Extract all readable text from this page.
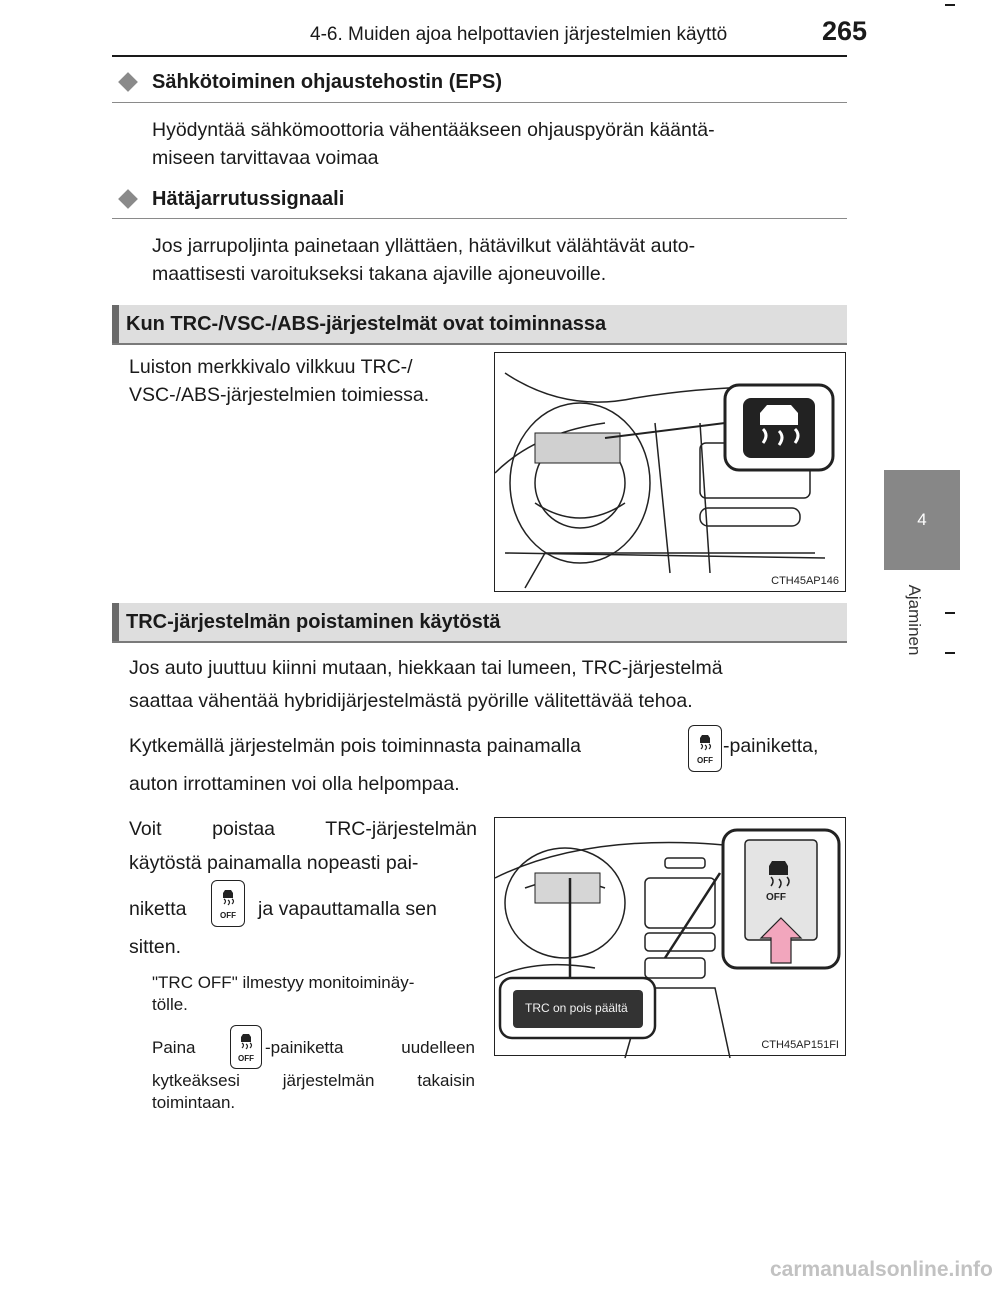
4-6. Muiden ajoa helpottavien järjestelmien käyttö	265
4
Ajaminen
Sähkötoiminen ohjaustehostin (EPS)
Hyödyntää sähkömoottoria vähentääkseen ohjauspyörän kääntä-
miseen tarvittavaa voimaa
Hätäjarrutussignaali
Jos jarrupoljinta painetaan yllättäen, hätävilkut välähtävät auto-
maattisesti varoitukseksi takana ajaville ajoneuvoille.
Kun TRC-/VSC-/ABS-järjestelmät ovat toiminnassa
Luiston merkkivalo vilkkuu TRC-/
VSC-/ABS-järjestelmien toimiessa.
CTH45AP146
TRC-järjestelmän poistaminen käytöstä
Jos auto juuttuu kiinni mutaan, hiekkaan tai lumeen, TRC-järjestelmä
saattaa vähentää hybridijärjestelmästä pyörille välitettävää tehoa.
Kytkemällä järjestelmän pois toiminnasta painamalla
OFF
-painiketta,
auton irrottaminen voi olla helpompaa.
Voit poistaa TRC-järjestelmän
käytöstä painamalla nopeasti pai-
niketta	OFF ja vapauttamalla sen
sitten.
"TRC OFF" ilmestyy monitoiminäy-
tölle.
Paina
OFF
-painiketta uudelleen
kytkeäksesi järjestelmän takaisin
toimintaan.
TRC on pois päältä
OFF
CTH45AP151FI
carmanualsonline.info
